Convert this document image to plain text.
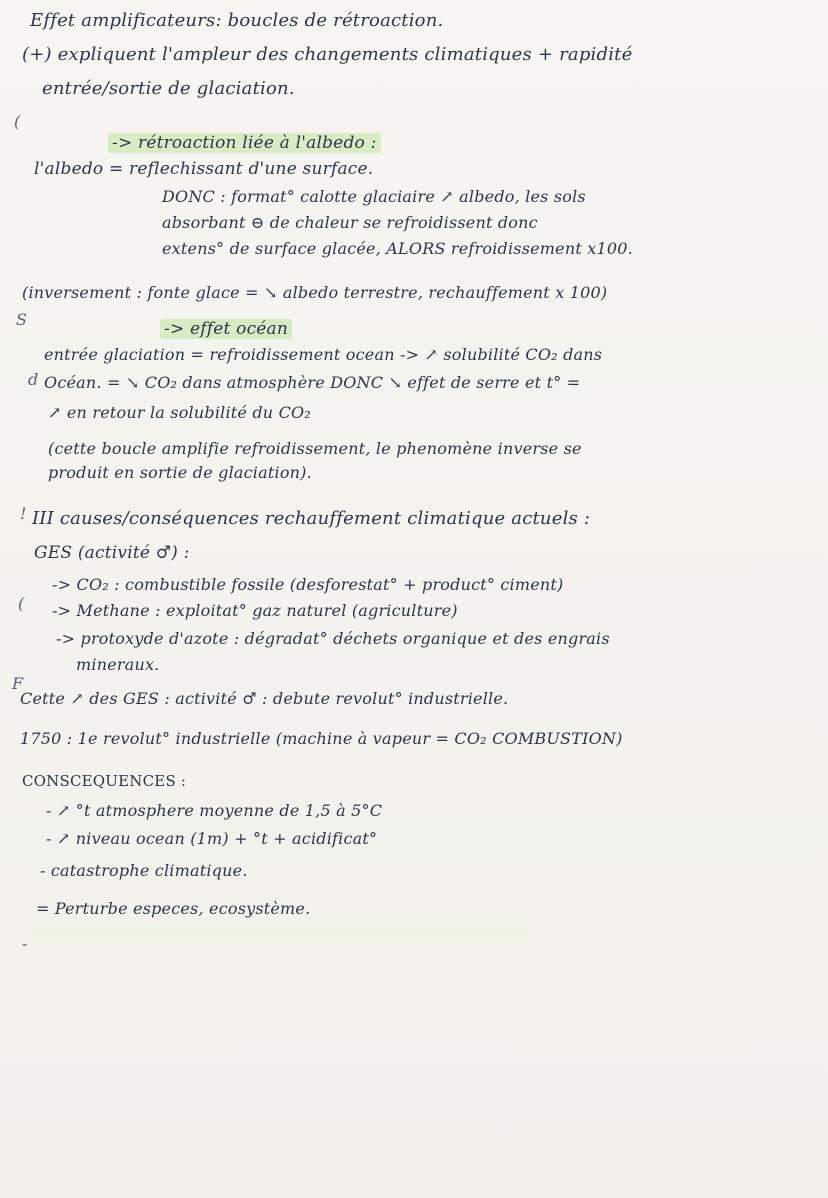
Effet amplificateurs: boucles de rétroaction.
(+) expliquent l'ampleur des changements climatiques + rapidité
entrée/sortie de glaciation.
(
-> rétroaction liée à l'albedo :
l'albedo = reflechissant d'une surface.
DONC : format° calotte glaciaire ↗ albedo, les sols
absorbant ⊖ de chaleur se refroidissent donc
extens° de surface glacée, ALORS refroidissement x100.
(inversement : fonte glace = ↘ albedo terrestre, rechauffement x 100)
S	-> effet océan
entrée glaciation = refroidissement ocean -> ↗ solubilité CO₂ dans
d Océan. = ↘ CO₂ dans atmosphère DONC ↘ effet de serre et t° =
↗ en retour la solubilité du CO₂
(cette boucle amplifie refroidissement, le phenomène inverse se
produit en sortie de glaciation).
! III causes/conséquences rechauffement climatique actuels :
GES (activité ♂) :
-> CO₂ : combustible fossile (desforestat° + product° ciment)
( -> Methane : exploitat° gaz naturel (agriculture)
-> protoxyde d'azote : dégradat° déchets organique et des engrais
mineraux.
F
Cette ↗ des GES : activité ♂ : debute revolut° industrielle.
1750 : 1e revolut° industrielle (machine à vapeur = CO₂ COMBUSTION)
CONSCEQUENCES :
- ↗ °t atmosphere moyenne de 1,5 à 5°C
- ↗ niveau ocean (1m) + °t + acidificat°
- catastrophe climatique.
= Perturbe especes, ecosystème.
-
